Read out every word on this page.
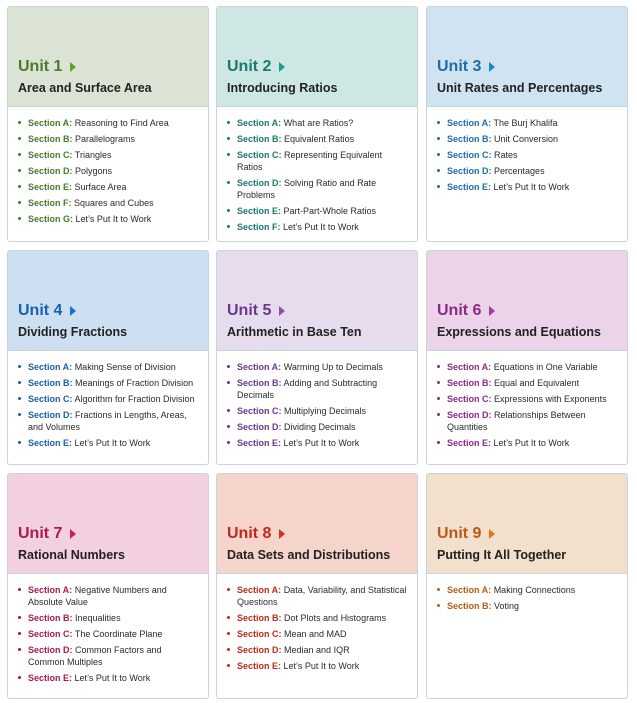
Unit 1
Area and Surface Area
Section A: Reasoning to Find Area
Section B: Parallelograms
Section C: Triangles
Section D: Polygons
Section E: Surface Area
Section F: Squares and Cubes
Section G: Let’s Put It to Work
Unit 2
Introducing Ratios
Section A: What are Ratios?
Section B: Equivalent Ratios
Section C: Representing Equivalent Ratios
Section D: Solving Ratio and Rate Problems
Section E: Part-Part-Whole Ratios
Section F: Let’s Put It to Work
Unit 3
Unit Rates and Percentages
Section A: The Burj Khalifa
Section B: Unit Conversion
Section C: Rates
Section D: Percentages
Section E: Let’s Put It to Work
Unit 4
Dividing Fractions
Section A: Making Sense of Division
Section B: Meanings of Fraction Division
Section C: Algorithm for Fraction Division
Section D: Fractions in Lengths, Areas, and Volumes
Section E: Let’s Put It to Work
Unit 5
Arithmetic in Base Ten
Section A: Warming Up to Decimals
Section B: Adding and Subtracting Decimals
Section C: Multiplying Decimals
Section D: Dividing Decimals
Section E: Let’s Put It to Work
Unit 6
Expressions and Equations
Section A: Equations in One Variable
Section B: Equal and Equivalent
Section C: Expressions with Exponents
Section D: Relationships Between Quantities
Section E: Let’s Put It to Work
Unit 7
Rational Numbers
Section A: Negative Numbers and Absolute Value
Section B: Inequalities
Section C: The Coordinate Plane
Section D: Common Factors and Common Multiples
Section E: Let’s Put It to Work
Unit 8
Data Sets and Distributions
Section A: Data, Variability, and Statistical Questions
Section B: Dot Plots and Histograms
Section C: Mean and MAD
Section D: Median and IQR
Section E: Let’s Put It to Work
Unit 9
Putting It All Together
Section A: Making Connections
Section B: Voting
